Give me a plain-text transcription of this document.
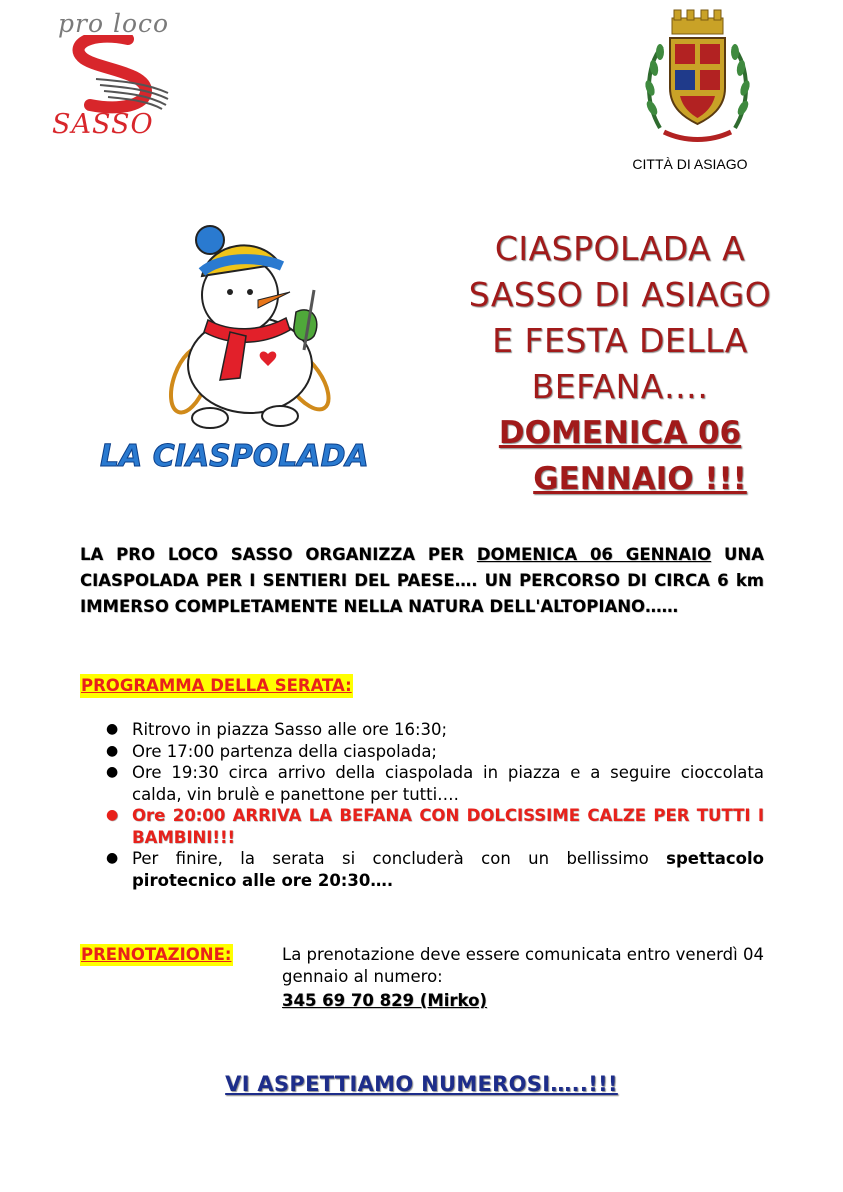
pro loco
SASSO
CITTÀ DI ASIAGO
LA CIASPOLADA
CIASPOLADA A
SASSO DI ASIAGO
E FESTA DELLA
BEFANA….
DOMENICA 06
GENNAIO !!!
LA PRO LOCO SASSO ORGANIZZA PER DOMENICA 06 GENNAIO UNA CIASPOLADA PER I SENTIERI DEL PAESE…. UN PERCORSO DI CIRCA 6 km IMMERSO COMPLETAMENTE NELLA NATURA DELL'ALTOPIANO……
PROGRAMMA DELLA SERATA:
● Ritrovo in piazza Sasso alle ore 16:30;
● Ore 17:00 partenza della ciaspolada;
● Ore 19:30 circa arrivo della ciaspolada in piazza e a seguire cioccolata calda, vin brulè e panettone per tutti….
● Ore 20:00 ARRIVA LA BEFANA CON DOLCISSIME CALZE PER TUTTI I BAMBINI!!!
● Per finire, la serata si concluderà con un bellissimo spettacolo pirotecnico alle ore 20:30….
PRENOTAZIONE:	La prenotazione deve essere comunicata entro venerdì 04 gennaio al numero:
345 69 70 829 (Mirko)
VI ASPETTIAMO NUMEROSI…..!!!
